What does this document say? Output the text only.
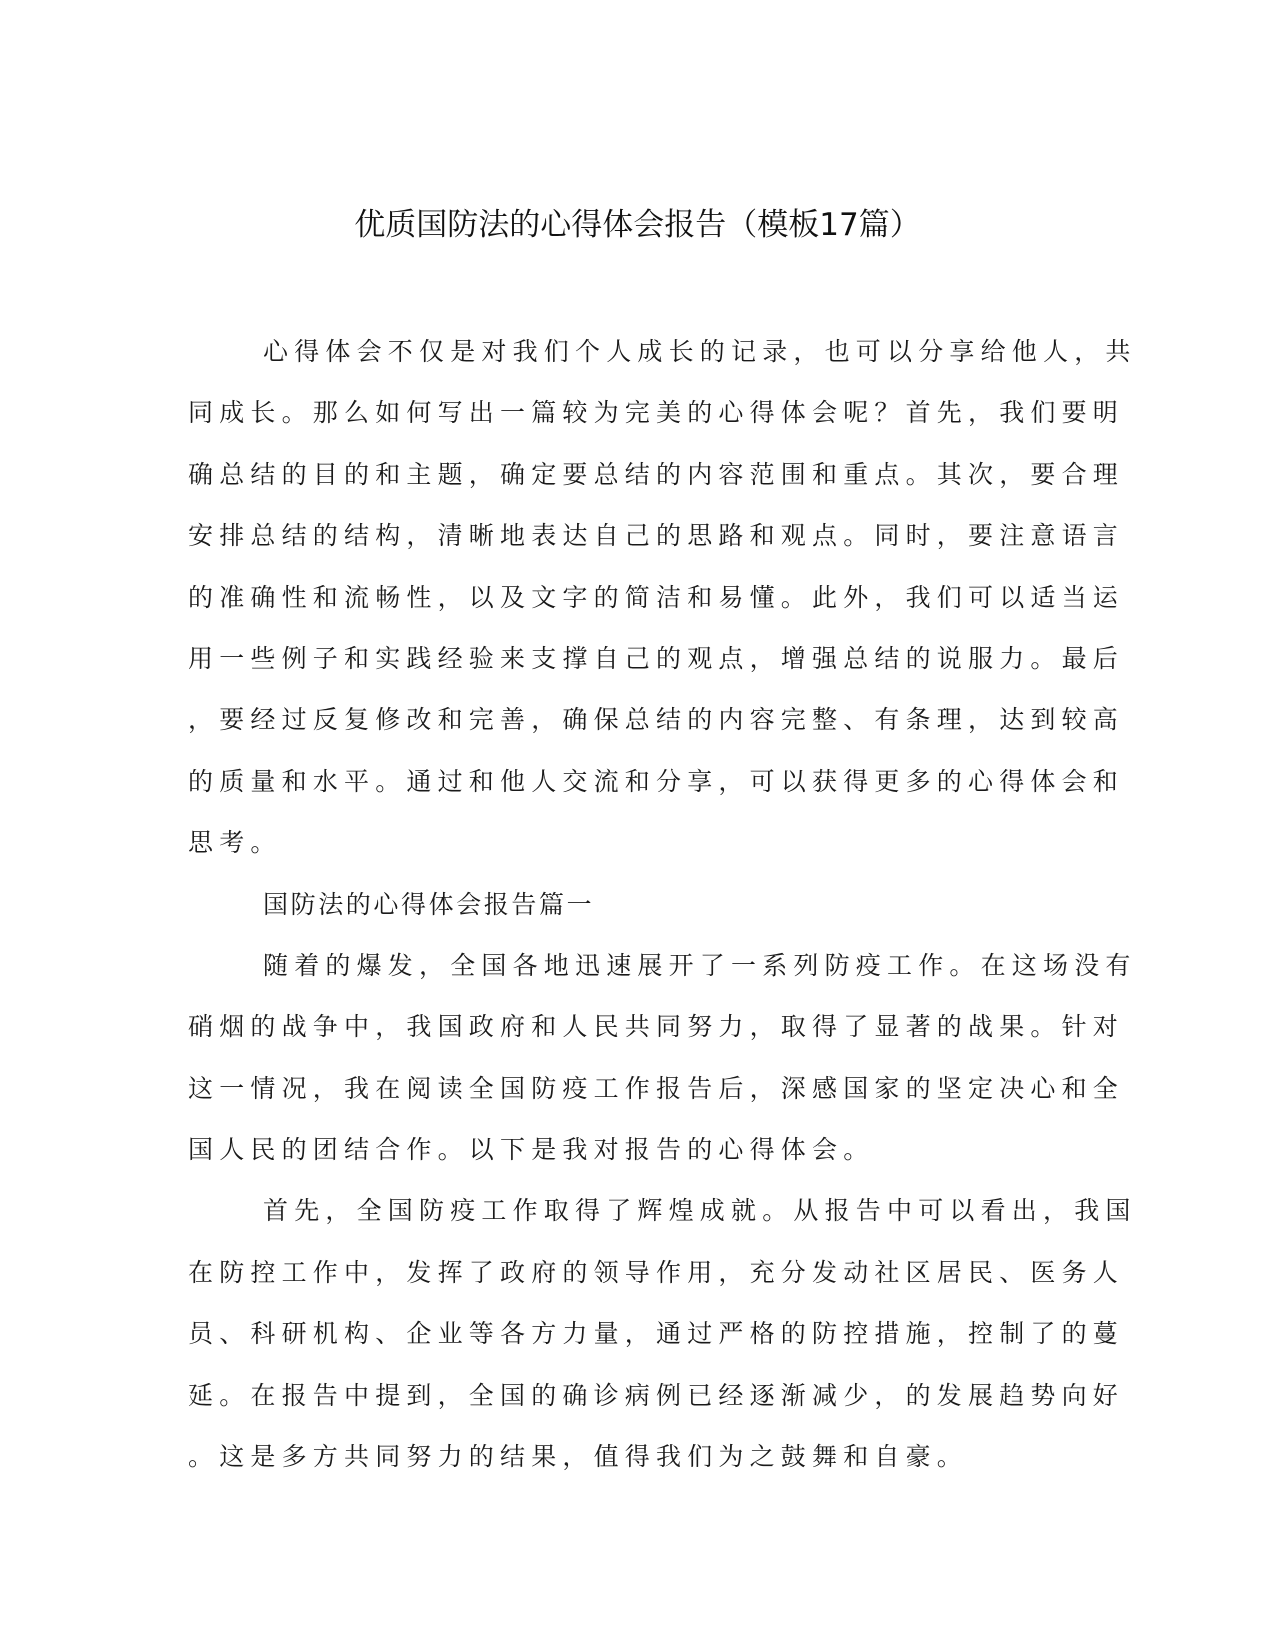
优质国防法的心得体会报告（模板17篇）
心得体会不仅是对我们个人成长的记录，也可以分享给他人，共
同成长。那么如何写出一篇较为完美的心得体会呢？首先，我们要明
确总结的目的和主题，确定要总结的内容范围和重点。其次，要合理
安排总结的结构，清晰地表达自己的思路和观点。同时，要注意语言
的准确性和流畅性，以及文字的简洁和易懂。此外，我们可以适当运
用一些例子和实践经验来支撑自己的观点，增强总结的说服力。最后
，要经过反复修改和完善，确保总结的内容完整、有条理，达到较高
的质量和水平。通过和他人交流和分享，可以获得更多的心得体会和
思考。
国防法的心得体会报告篇一
随着的爆发，全国各地迅速展开了一系列防疫工作。在这场没有
硝烟的战争中，我国政府和人民共同努力，取得了显著的战果。针对
这一情况，我在阅读全国防疫工作报告后，深感国家的坚定决心和全
国人民的团结合作。以下是我对报告的心得体会。
首先，全国防疫工作取得了辉煌成就。从报告中可以看出，我国
在防控工作中，发挥了政府的领导作用，充分发动社区居民、医务人
员、科研机构、企业等各方力量，通过严格的防控措施，控制了的蔓
延。在报告中提到，全国的确诊病例已经逐渐减少，的发展趋势向好
。这是多方共同努力的结果，值得我们为之鼓舞和自豪。
